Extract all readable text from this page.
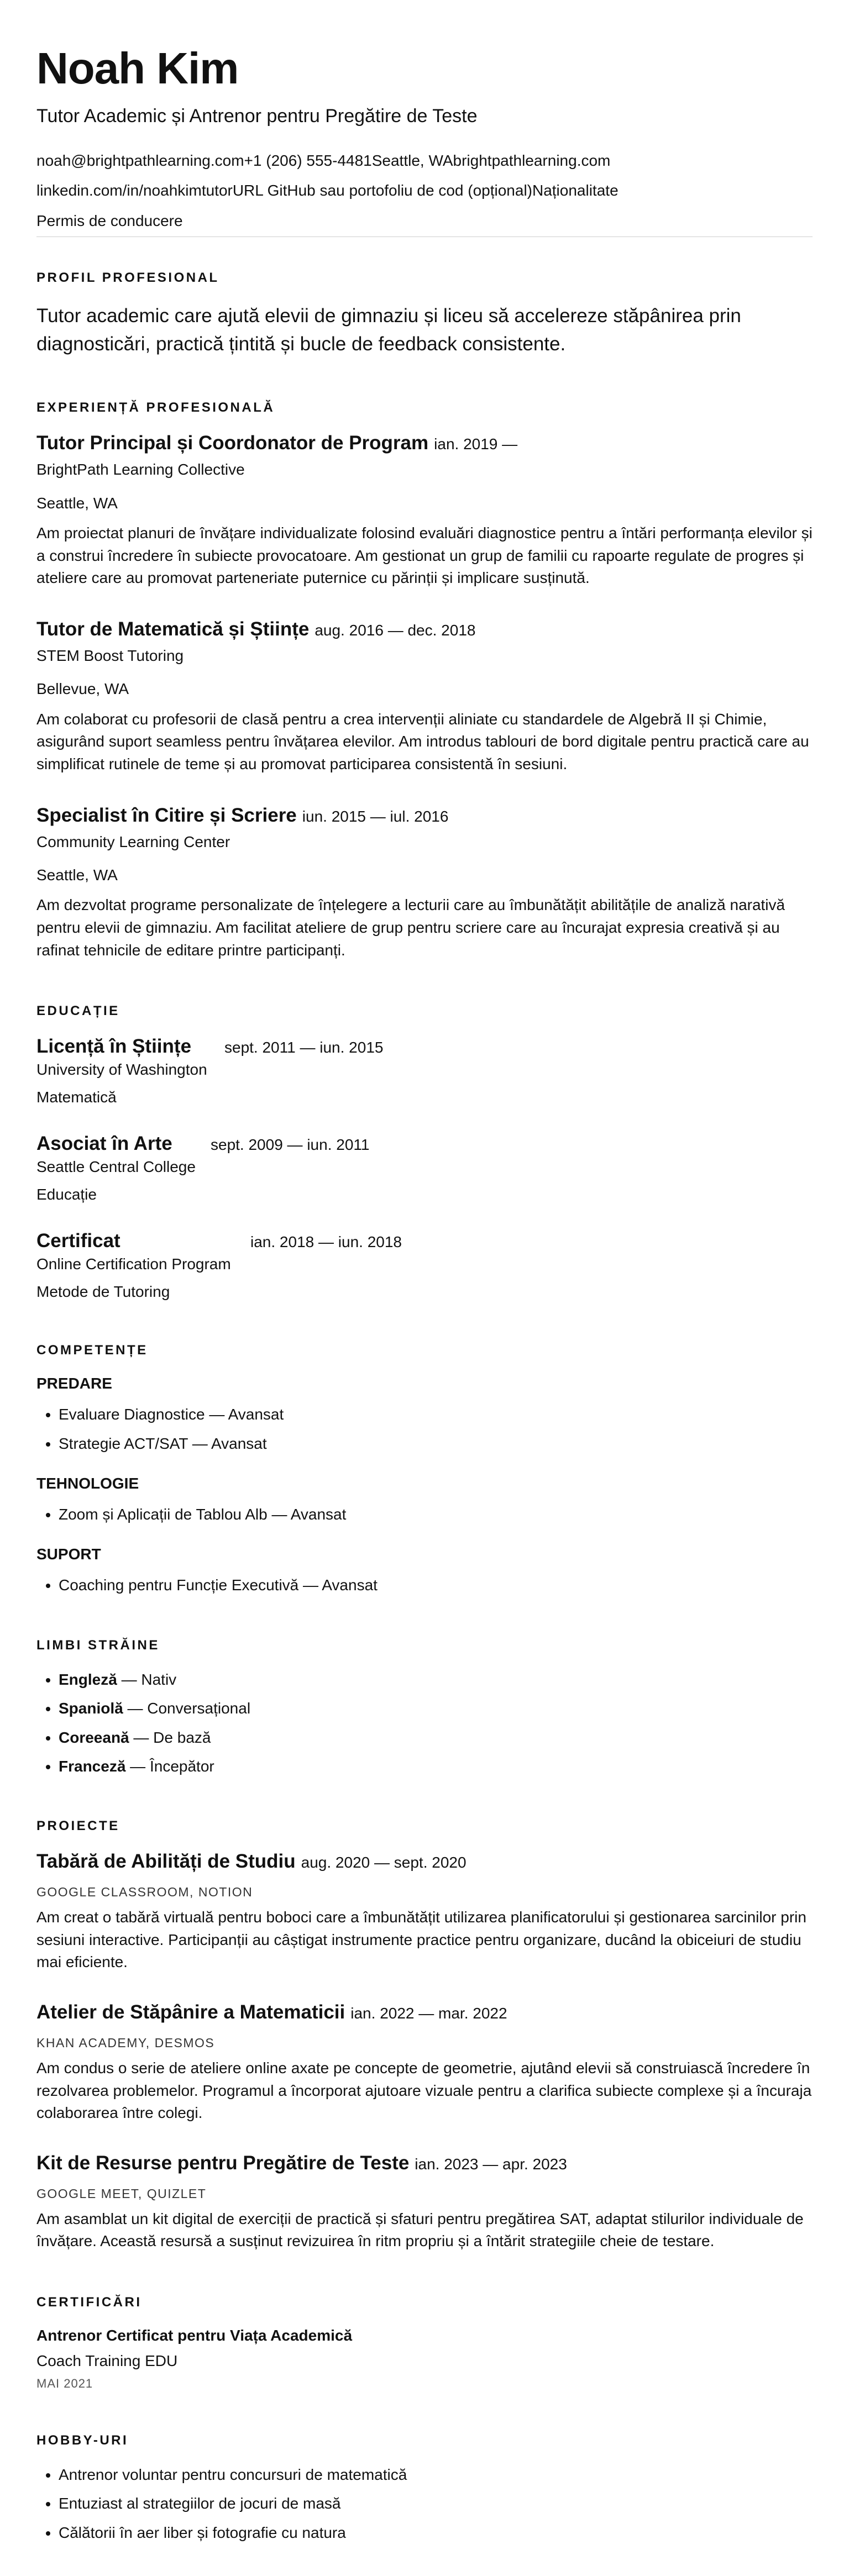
Noah Kim
Tutor Academic și Antrenor pentru Pregătire de Teste
noah@brightpathlearning.com+1 (206) 555-4481Seattle, WAbrightpathlearning.com
linkedin.com/in/noahkimtutorURL GitHub sau portofoliu de cod (opțional)Naționalitate
Permis de conducere
PROFIL PROFESIONAL

Tutor academic care ajută elevii de gimnaziu și liceu să accelereze stăpânirea prin diagnosticări, practică țintită și bucle de feedback consistente.

EXPERIENȚĂ PROFESIONALĂ
Tutor Principal și Coordonator de Program ian. 2019 —
BrightPath Learning Collective
Seattle, WA
Am proiectat planuri de învățare individualizate folosind evaluări diagnostice pentru a întări performanța elevilor și a construi încredere în subiecte provocatoare. Am gestionat un grup de familii cu rapoarte regulate de progres și ateliere care au promovat parteneriate puternice cu părinții și implicare susținută.
Tutor de Matematică și Științe aug. 2016 — dec. 2018
STEM Boost Tutoring
Bellevue, WA
Am colaborat cu profesorii de clasă pentru a crea intervenții aliniate cu standardele de Algebră II și Chimie, asigurând suport seamless pentru învățarea elevilor. Am introdus tablouri de bord digitale pentru practică care au simplificat rutinele de teme și au promovat participarea consistentă în sesiuni.
Specialist în Citire și Scriere iun. 2015 — iul. 2016
Community Learning Center
Seattle, WA
Am dezvoltat programe personalizate de înțelegere a lecturii care au îmbunătățit abilitățile de analiză narativă pentru elevii de gimnaziu. Am facilitat ateliere de grup pentru scriere care au încurajat expresia creativă și au rafinat tehnicile de editare printre participanți.
EDUCAȚIE
Licență în Științe	sept. 2011 — iun. 2015
University of Washington
Matematică
Asociat în Arte	sept. 2009 — iun. 2011
Seattle Central College
Educație
Certificat	ian. 2018 — iun. 2018
Online Certification Program
Metode de Tutoring
COMPETENȚE
PREDARE
• Evaluare Diagnostice — Avansat
• Strategie ACT/SAT — Avansat
TEHNOLOGIE
• Zoom și Aplicații de Tablou Alb — Avansat
SUPORT
• Coaching pentru Funcție Executivă — Avansat
LIMBI STRĂINE
• Engleză — Nativ
• Spaniolă — Conversațional
• Coreeană — De bază
• Franceză — Începător
PROIECTE
Tabără de Abilități de Studiu aug. 2020 — sept. 2020
GOOGLE CLASSROOM, NOTION
Am creat o tabără virtuală pentru boboci care a îmbunătățit utilizarea planificatorului și gestionarea sarcinilor prin sesiuni interactive. Participanții au câștigat instrumente practice pentru organizare, ducând la obiceiuri de studiu mai eficiente.
Atelier de Stăpânire a Matematicii ian. 2022 — mar. 2022
KHAN ACADEMY, DESMOS
Am condus o serie de ateliere online axate pe concepte de geometrie, ajutând elevii să construiască încredere în rezolvarea problemelor. Programul a încorporat ajutoare vizuale pentru a clarifica subiecte complexe și a încuraja colaborarea între colegi.
Kit de Resurse pentru Pregătire de Teste ian. 2023 — apr. 2023
GOOGLE MEET, QUIZLET
Am asamblat un kit digital de exerciții de practică și sfaturi pentru pregătirea SAT, adaptat stilurilor individuale de învățare. Această resursă a susținut revizuirea în ritm propriu și a întărit strategiile cheie de testare.
CERTIFICĂRI
Antrenor Certificat pentru Viața Academică
Coach Training EDU
MAI 2021
HOBBY-URI
• Antrenor voluntar pentru concursuri de matematică
• Entuziast al strategiilor de jocuri de masă
• Călătorii în aer liber și fotografie cu natura
